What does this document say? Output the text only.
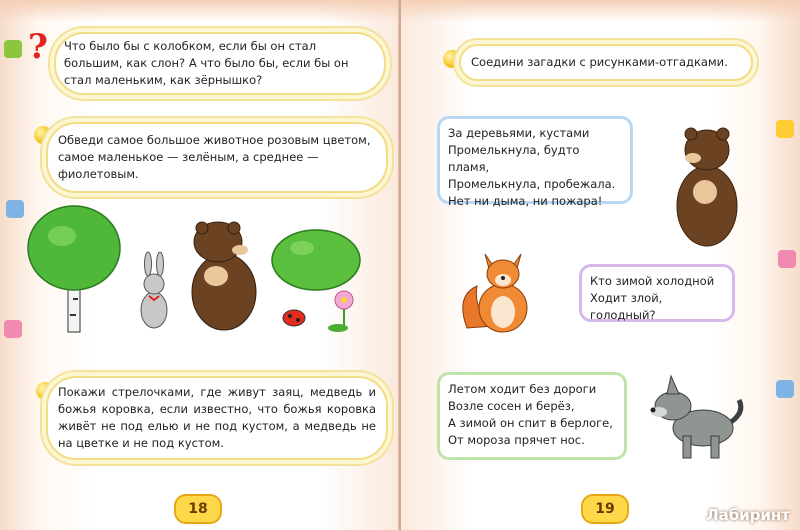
? Что было бы с колобком, если бы он стал большим, как слон? А что было бы, если бы он стал маленьким, как зёрнышко?

Обведи самое большое животное розовым цветом, самое маленькое — зелёным, а среднее — фиолетовым.

Покажи стрелочками, где живут заяц, медведь и божья коровка, если известно, что божья коровка живёт не под елью и не под кустом, а медведь не на цветке и не под кустом.

18

Соедини загадки с рисунками-отгадками.

За деревьями, кустами

Промелькнула, будто пламя,

Промелькнула, пробежала.

Нет ни дыма, ни пожара!

Кто зимой холодной

Ходит злой, голодный?

Летом ходит без дороги

Возле сосен и берёз,

А зимой он спит в берлоге,

От мороза прячет нос.

19	Лабиринт
